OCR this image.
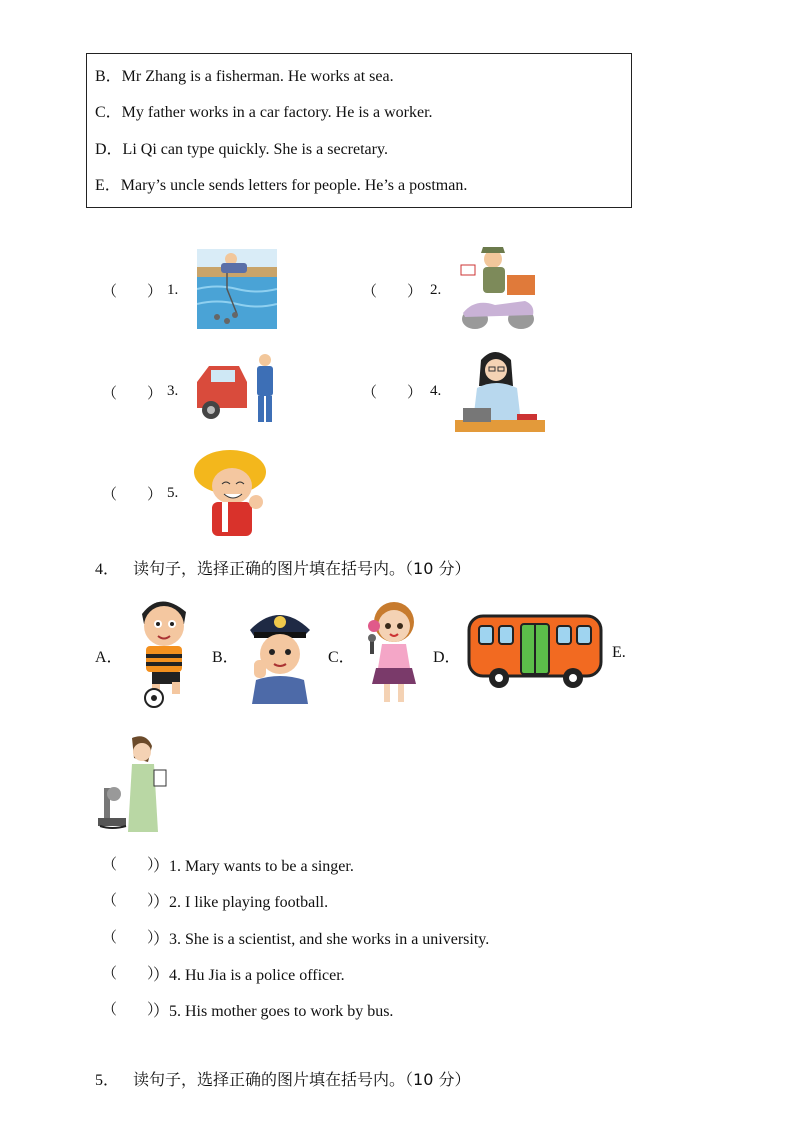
B．Mr Zhang is a fisherman. He works at sea.
C．My father works in a car factory. He is a worker.
D．Li Qi can type quickly. She is a secretary.
E．Mary’s uncle sends letters for people. He’s a postman.
（　　） 1.	（　　） 2.
（　　） 3.	（　　） 4.
（　　） 5.
4． 读句子，选择正确的图片填在括号内。（10 分）
A．	B．	C．	D．	E.
（　　）
）1. Mary wants to be a singer.
（　　）
）2. I like playing football.
（　　）
）3. She is a scientist, and she works in a university.
（　　）
）4. Hu Jia is a police officer.
（　　）
）5. His mother goes to work by bus.
5． 读句子，选择正确的图片填在括号内。（10 分）
